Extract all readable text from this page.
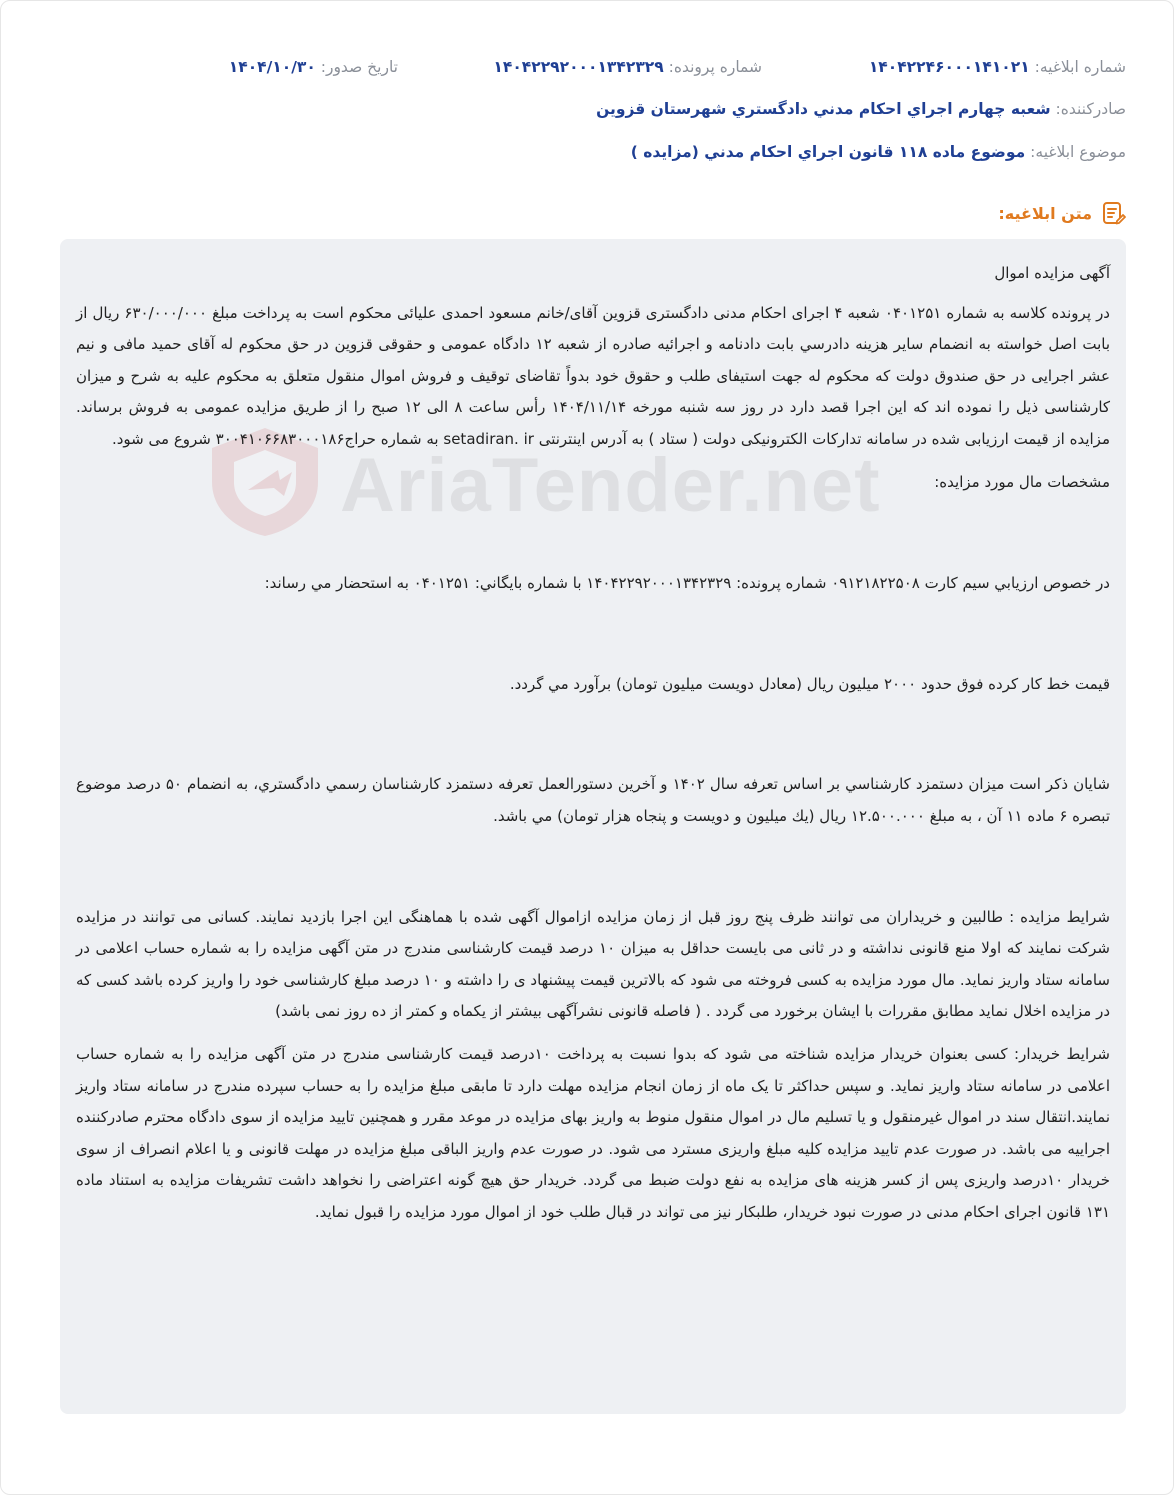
شماره ابلاغیه: ۱۴۰۴۲۲۴۶۰۰۰۱۴۱۰۲۱
شماره پرونده: ۱۴۰۴۲۲۹۲۰۰۰۱۳۴۲۳۲۹
تاریخ صدور: ۱۴۰۴/۱۰/۳۰
صادرکننده: شعبه چهارم اجراي احكام مدني دادگستري شهرستان قزوين
موضوع ابلاغیه: موضوع ماده ۱۱۸ قانون اجراي احكام مدني (مزايده )
متن ابلاغیه:

آگهی مزایده اموال

در پرونده کلاسه به شماره ۰۴۰۱۲۵۱ شعبه ۴ اجرای احکام مدنی دادگستری قزوین آقای/خانم مسعود احمدی علیائی محکوم است به پرداخت مبلغ ۶۳۰/۰۰۰/۰۰۰ ریال از بابت اصل خواسته به انضمام سایر هزینه دادرسي بابت دادنامه و اجرائیه صادره از شعبه ۱۲ دادگاه عمومی و حقوقی قزوین در حق محکوم له آقای حمید مافی و نیم عشر اجرایی در حق صندوق دولت که محکوم له جهت استیفای طلب و حقوق خود بدواً تقاضای توقیف و فروش اموال منقول متعلق به محکوم علیه به شرح و میزان کارشناسی ذیل را نموده اند که این اجرا قصد دارد در روز سه شنبه مورخه ۱۴۰۴/۱۱/۱۴ رأس ساعت ۸ الی ۱۲ صبح را از طریق مزایده عمومی به فروش برساند. مزایده از قیمت ارزیابی شده در سامانه تدارکات الکترونیکی دولت ( ستاد ) به آدرس اینترنتی setadiran. ir به شماره حراج۳۰۰۴۱۰۶۶۸۳۰۰۰۱۸۶ شروع می شود.

مشخصات مال مورد مزایده:

در خصوص ارزيابي سيم كارت ۰۹۱۲۱۸۲۲۵۰۸ شماره پرونده: ۱۴۰۴۲۲۹۲۰۰۰۱۳۴۲۳۲۹ با شماره بايگاني: ۰۴۰۱۲۵۱ به استحضار مي رساند:

قيمت خط كار كرده فوق حدود ۲۰۰۰ ميليون ريال (معادل دويست ميليون تومان) برآورد مي گردد.

شايان ذكر است ميزان دستمزد كارشناسي بر اساس تعرفه سال ۱۴۰۲ و آخرين دستورالعمل تعرفه دستمزد كارشناسان رسمي دادگستري، به انضمام ۵۰ درصد موضوع تبصره ۶ ماده ۱۱ آن ، به مبلغ ۱۲.۵۰۰.۰۰۰ ريال (يك ميليون و دويست و پنجاه هزار تومان) مي باشد.

شرایط مزایده : طالبین و خریداران می توانند ظرف پنج روز قبل از زمان مزایده ازاموال آگهی شده با هماهنگی این اجرا بازدید نمایند. کسانی می توانند در مزایده شرکت نمایند که اولا منع قانونی نداشته و در ثانی می بایست حداقل به میزان ۱۰ درصد قیمت کارشناسی مندرج در متن آگهی مزایده را به شماره حساب اعلامی در سامانه ستاد واریز نماید. مال مورد مزایده به کسی فروخته می شود که بالاترین قیمت پیشنهاد ی را داشته و ۱۰ درصد مبلغ کارشناسی خود را واریز کرده باشد کسی که در مزایده اخلال نماید مطابق مقررات با ایشان برخورد می گردد . ( فاصله قانونی نشرآگهی بیشتر از یکماه و کمتر از ده روز نمی باشد)

شرایط خریدار: کسی بعنوان خریدار مزایده شناخته می شود که بدوا نسبت به پرداخت ۱۰درصد قیمت کارشناسی مندرج در متن آگهی مزایده را به شماره حساب اعلامی در سامانه ستاد واریز نماید. و سپس حداکثر تا یک ماه از زمان انجام مزایده مهلت دارد تا مابقی مبلغ مزایده را به حساب سپرده مندرج در سامانه ستاد واریز نمایند.انتقال سند در اموال غیرمنقول و یا تسلیم مال در اموال منقول منوط به واریز بهای مزایده در موعد مقرر و همچنین تایید مزایده از سوی دادگاه محترم صادرکننده اجراییه می باشد. در صورت عدم تایید مزایده کلیه مبلغ واریزی مسترد می شود. در صورت عدم واریز الباقی مبلغ مزایده در مهلت قانونی و یا اعلام انصراف از سوی خریدار ۱۰درصد واریزی پس از کسر هزینه های مزایده به نفع دولت ضبط می گردد. خریدار حق هیچ گونه اعتراضی را نخواهد داشت تشریفات مزایده به استناد ماده ۱۳۱ قانون اجرای احکام مدنی در صورت نبود خریدار، طلبکار نیز می تواند در قبال طلب خود از اموال مورد مزایده را قبول نماید.
